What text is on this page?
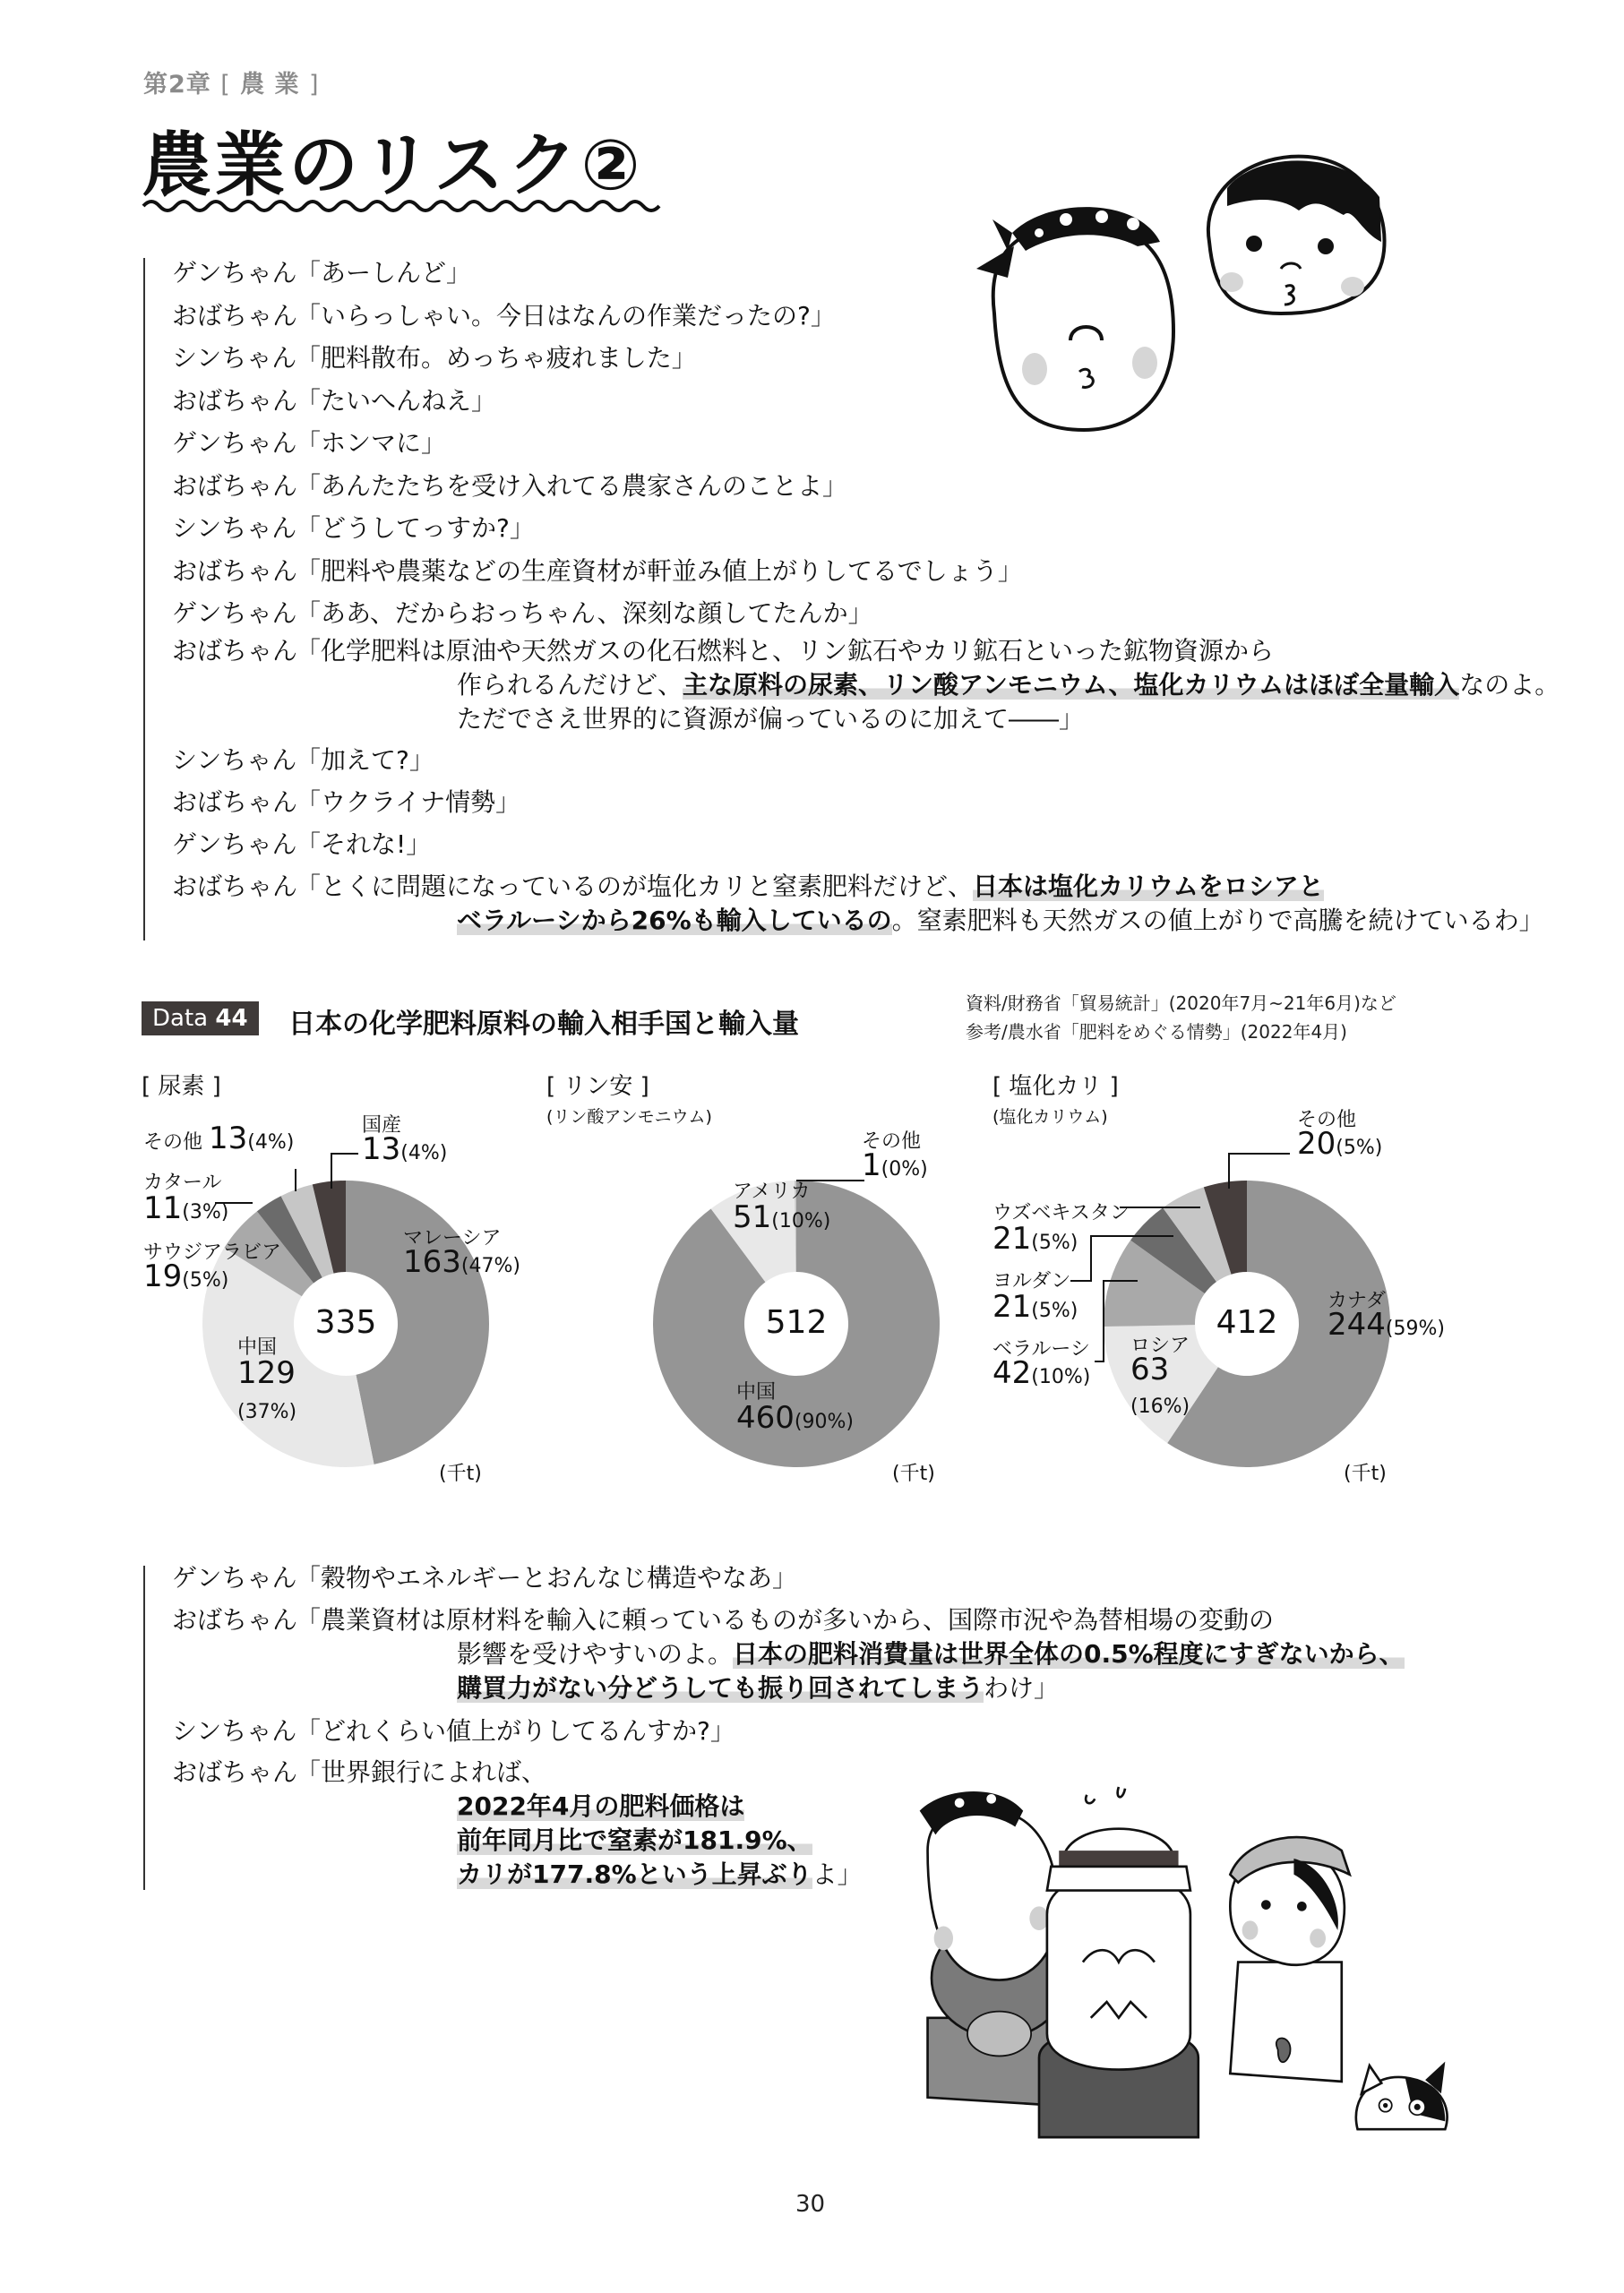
第2章 [ 農 業 ]
農業のリスク②
ゲンちゃん「あーしんど」
おばちゃん「いらっしゃい。今日はなんの作業だったの?」
シンちゃん「肥料散布。めっちゃ疲れました」
おばちゃん「たいへんねえ」
ゲンちゃん「ホンマに」
おばちゃん「あんたたちを受け入れてる農家さんのことよ」
シンちゃん「どうしてっすか?」
おばちゃん「肥料や農薬などの生産資材が軒並み値上がりしてるでしょう」
ゲンちゃん「ああ、だからおっちゃん、深刻な顔してたんか」
おばちゃん「化学肥料は原油や天然ガスの化石燃料と、リン鉱石やカリ鉱石といった鉱物資源から
作られるんだけど、主な原料の尿素、リン酸アンモニウム、塩化カリウムはほぼ全量輸入なのよ。
ただでさえ世界的に資源が偏っているのに加えて――」
シンちゃん「加えて?」
おばちゃん「ウクライナ情勢」
ゲンちゃん「それな!」
おばちゃん「とくに問題になっているのが塩化カリと窒素肥料だけど、日本は塩化カリウムをロシアと
ベラルーシから26%も輸入しているの。窒素肥料も天然ガスの値上がりで高騰を続けているわ」
Data 44	日本の化学肥料原料の輸入相手国と輸入量
資料/財務省「貿易統計」(2020年7月~21年6月)など
参考/農水省「肥料をめぐる情勢」(2022年4月)
[ 尿素 ]
国産
13(4%)
その他 13(4%)
カタール
11(3%)
サウジアラビア
19(5%)
マレーシア
163(47%)
中国
129
(37%)
335
(千t)
[ リン安 ]
(リン酸アンモニウム)
その他
1(0%)
アメリカ
51(10%)
中国
460(90%)
512
(千t)
[ 塩化カリ ]
(塩化カリウム)	その他
20(5%)
ウズベキスタン
21(5%)
ヨルダン
21(5%)
ベラルーシ
42(10%)
ロシア
63
(16%)
カナダ
244(59%)
412
(千t)
ゲンちゃん「穀物やエネルギーとおんなじ構造やなあ」
おばちゃん「農業資材は原材料を輸入に頼っているものが多いから、国際市況や為替相場の変動の
影響を受けやすいのよ。日本の肥料消費量は世界全体の0.5%程度にすぎないから、
購買力がない分どうしても振り回されてしまうわけ」
シンちゃん「どれくらい値上がりしてるんすか?」
おばちゃん「世界銀行によれば、
2022年4月の肥料価格は
前年同月比で窒素が181.9%、
カリが177.8%という上昇ぶりよ」
30
